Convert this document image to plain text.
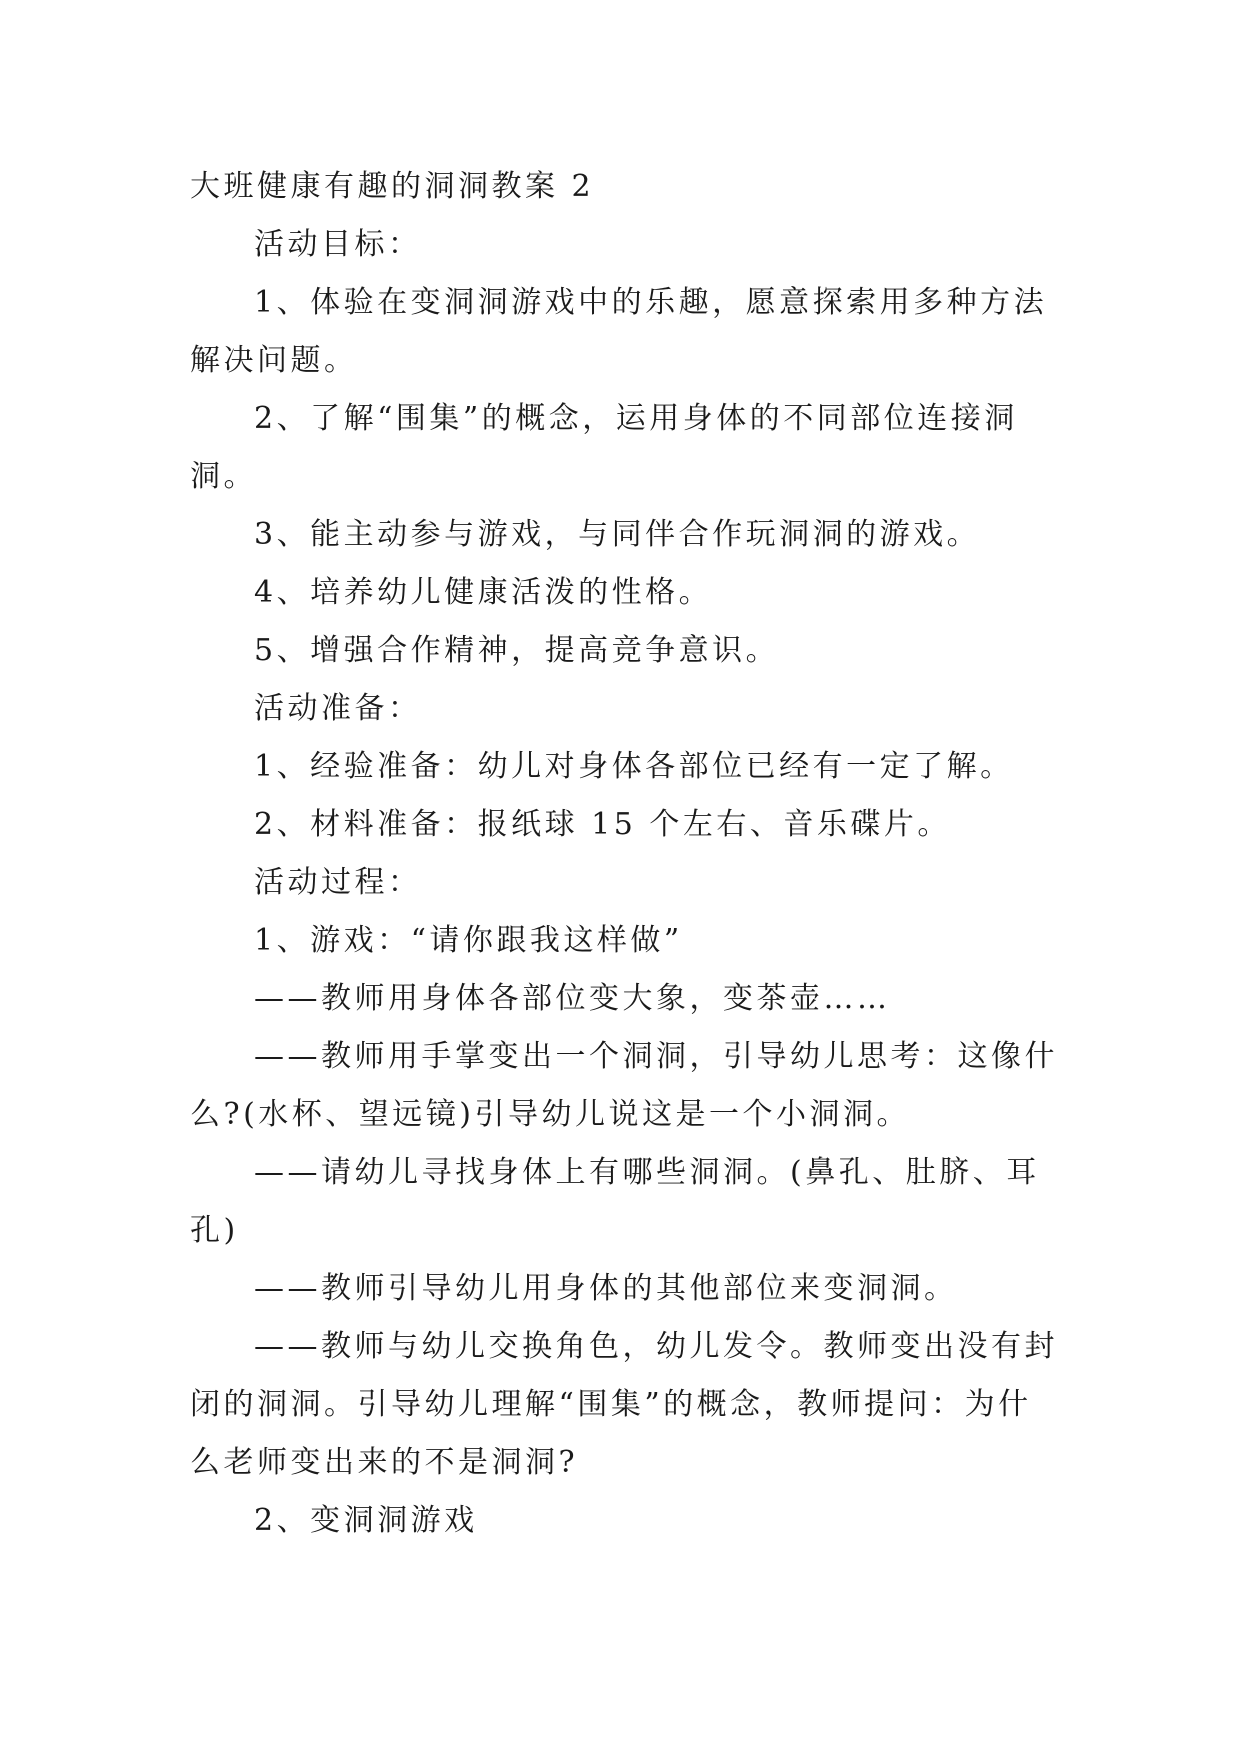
大班健康有趣的洞洞教案 2

活动目标：

1、体验在变洞洞游戏中的乐趣，愿意探索用多种方法

解决问题。

2、了解“围集”的概念，运用身体的不同部位连接洞

洞。

3、能主动参与游戏，与同伴合作玩洞洞的游戏。

4、培养幼儿健康活泼的性格。

5、增强合作精神，提高竞争意识。

活动准备：

1、经验准备：幼儿对身体各部位已经有一定了解。

2、材料准备：报纸球 15 个左右、音乐碟片。

活动过程：

1、游戏：“请你跟我这样做”

——教师用身体各部位变大象，变茶壶……

——教师用手掌变出一个洞洞，引导幼儿思考：这像什

么?(水杯、望远镜)引导幼儿说这是一个小洞洞。

——请幼儿寻找身体上有哪些洞洞。(鼻孔、肚脐、耳

孔)

——教师引导幼儿用身体的其他部位来变洞洞。

——教师与幼儿交换角色，幼儿发令。教师变出没有封

闭的洞洞。引导幼儿理解“围集”的概念，教师提问：为什

么老师变出来的不是洞洞?

2、变洞洞游戏
